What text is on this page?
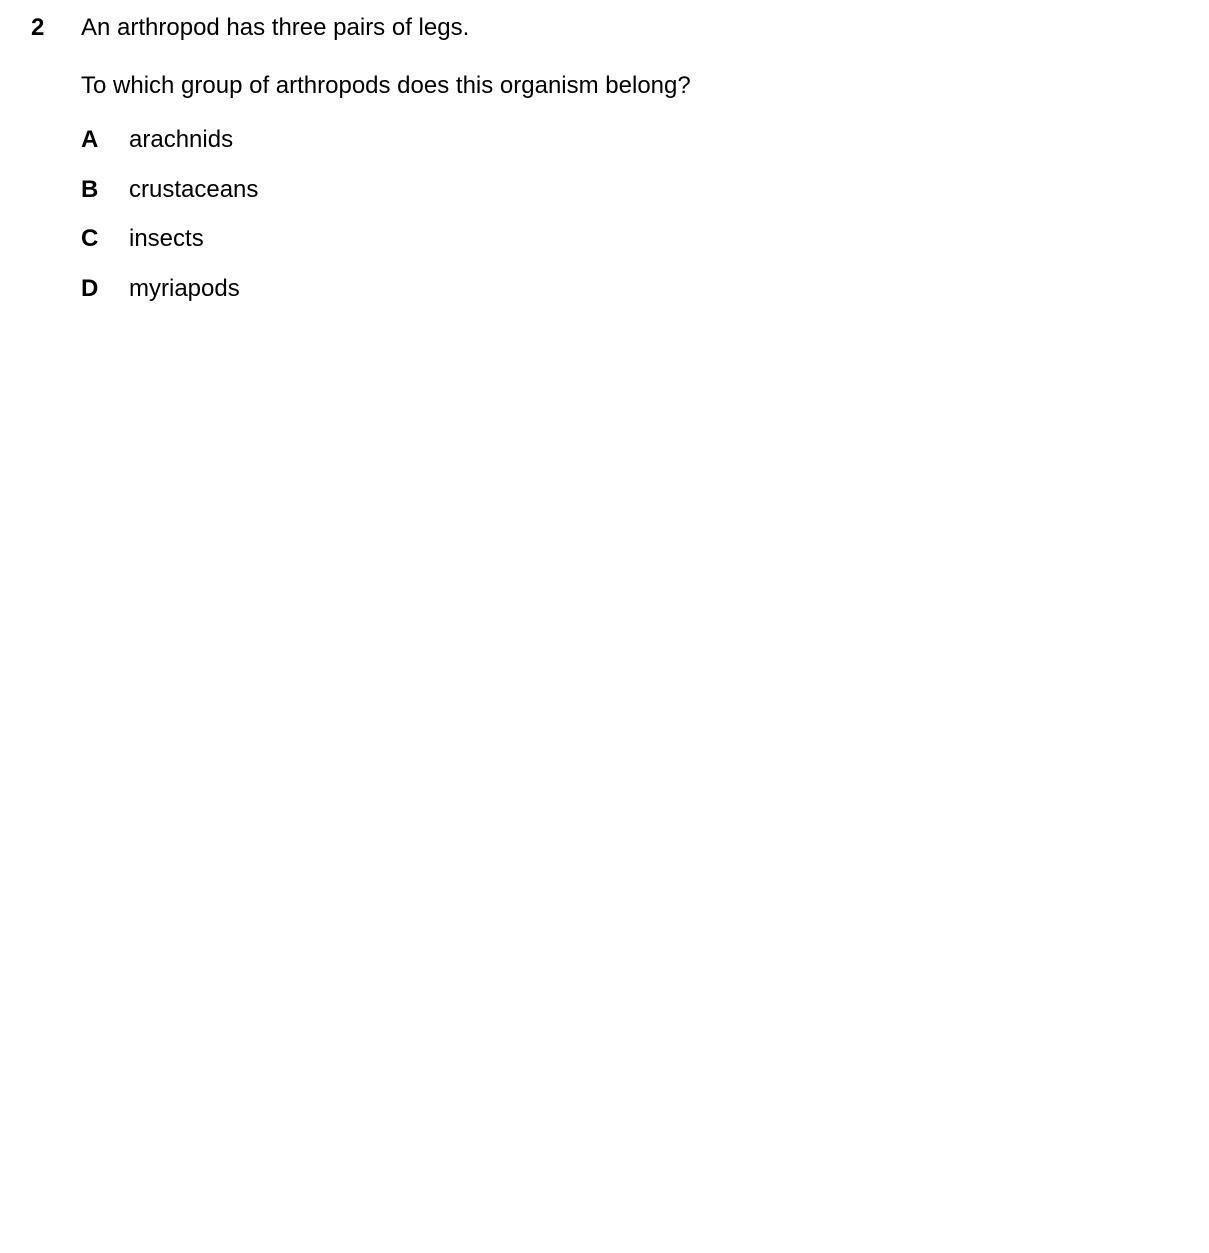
2 An arthropod has three pairs of legs.
To which group of arthropods does this organism belong?
A arachnids
B crustaceans
C insects
D myriapods
